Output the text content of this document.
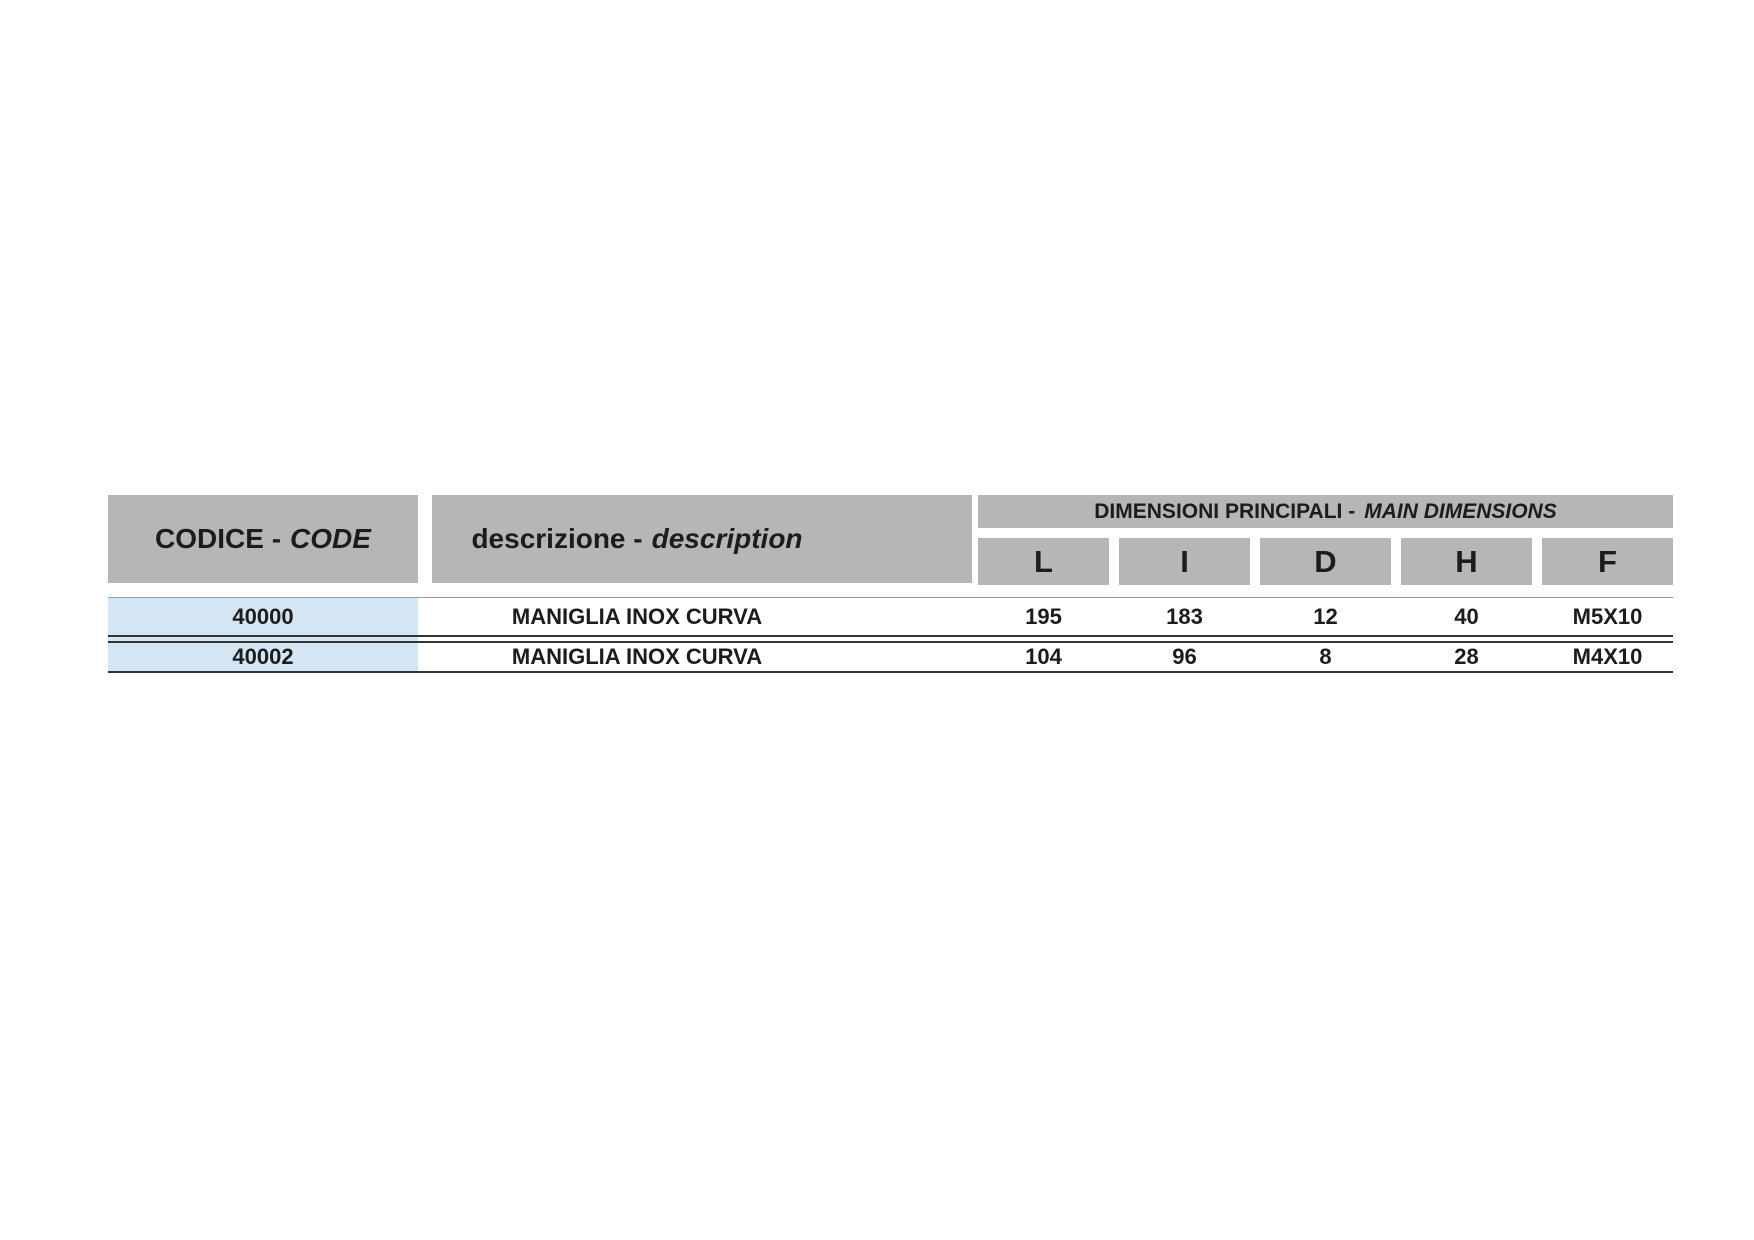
CODICE - CODE	descrizione - description
DIMENSIONI PRINCIPALI - MAIN DIMENSIONS
L	I	D	H	F
40000	MANIGLIA INOX CURVA	195	183	12	40	M5X10
40002	MANIGLIA INOX CURVA	104	96	8	28	M4X10
